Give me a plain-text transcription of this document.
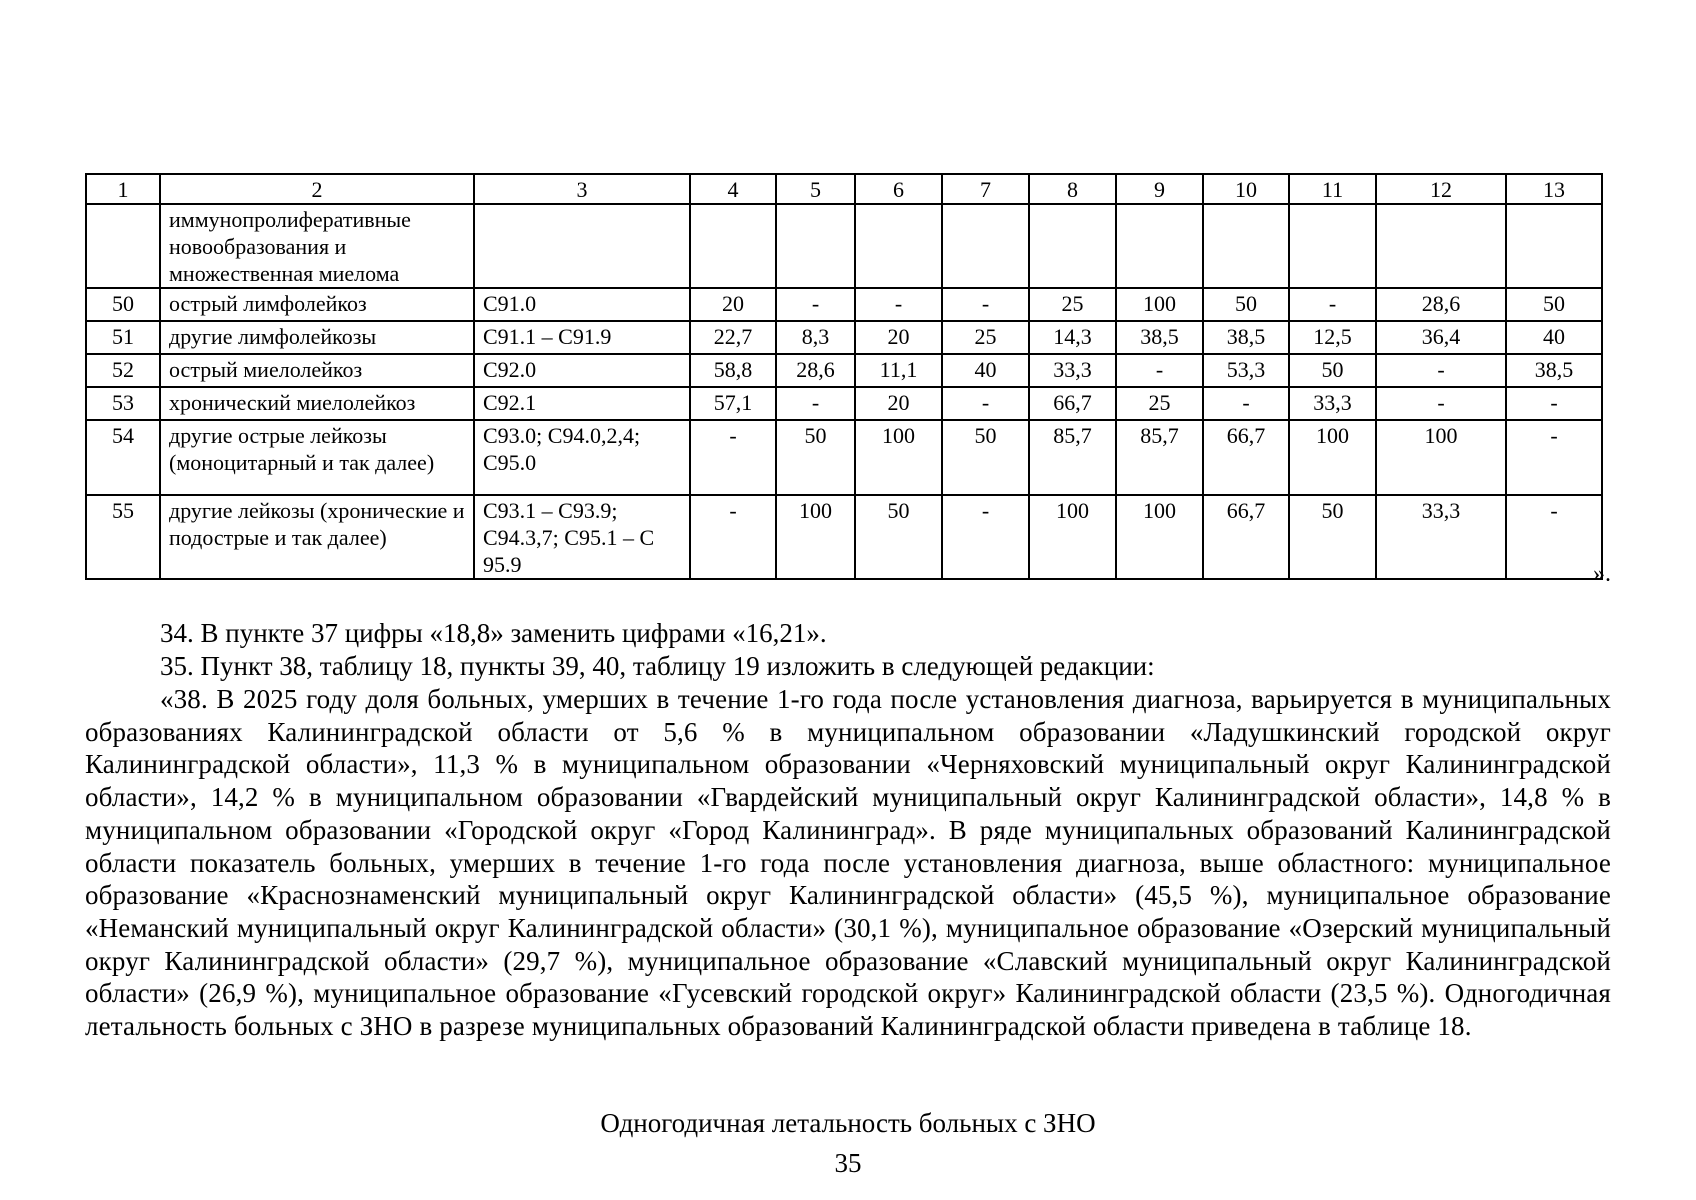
1	2	3	4	5	6	7	8	9	10	11	12	13
	иммунопролиферативные новообразования и множественная миелома											
50	острый лимфолейкоз	C91.0	20	-	-	-	25	100	50	-	28,6	50
51	другие лимфолейкозы	C91.1 – C91.9	22,7	8,3	20	25	14,3	38,5	38,5	12,5	36,4	40
52	острый миелолейкоз	C92.0	58,8	28,6	11,1	40	33,3	-	53,3	50	-	38,5
53	хронический миелолейкоз	C92.1	57,1	-	20	-	66,7	25	-	33,3	-	-
54	другие острые лейкозы (моноцитарный и так далее)	C93.0; C94.0,2,4; C95.0	-	50	100	50	85,7	85,7	66,7	100	100	-
55	другие лейкозы (хронические и подострые и так далее)	C93.1 – C93.9; C94.3,7; C95.1 – C 95.9	-	100	50	-	100	100	66,7	50	33,3	-
».
34. В пункте 37 цифры «18,8» заменить цифрами «16,21».
35. Пункт 38, таблицу 18, пункты 39, 40, таблицу 19 изложить в следующей редакции:
«38. В 2025 году доля больных, умерших в течение 1-го года после установления диагноза, варьируется в муниципальных образованиях Калининградской области от 5,6 % в муниципальном образовании «Ладушкинский городской округ Калининградской области», 11,3 % в муниципальном образовании «Черняховский муниципальный округ Калининградской области», 14,2 % в муниципальном образовании «Гвардейский муниципальный округ Калининградской области», 14,8 % в муниципальном образовании «Городской округ «Город Калининград». В ряде муниципальных образований Калининградской области показатель больных, умерших в течение 1-го года после установления диагноза, выше областного: муниципальное образование «Краснознаменский муниципальный округ Калининградской области» (45,5 %), муниципальное образование «Неманский муниципальный округ Калининградской области» (30,1 %), муниципальное образование «Озерский муниципальный округ Калининградской области» (29,7 %), муниципальное образование «Славский муниципальный округ Калининградской области» (26,9 %), муниципальное образование «Гусевский городской округ» Калининградской области (23,5 %). Одногодичная летальность больных с ЗНО в разрезе муниципальных образований Калининградской области приведена в таблице 18.
Одногодичная летальность больных с ЗНО
35
